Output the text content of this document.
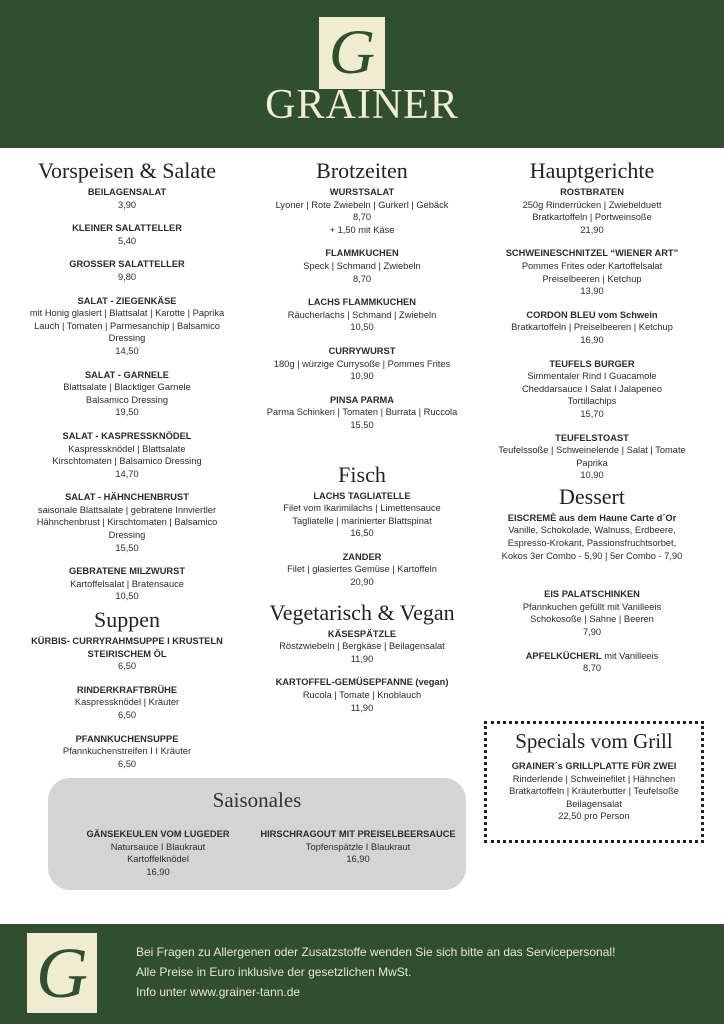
G
GRAINER
Vorspeisen & Salate
BEILAGENSALAT
3,90
KLEINER SALATTELLER
5,40
GROSSER SALATTELLER
9,80
SALAT - ZIEGENKÄSE
mit Honig glasiert | Blattsalat | Karotte | Paprika
Lauch | Tomaten | Parmesanchip | Balsamico
Dressing
14,50
SALAT - GARNELE
Blattsalate | Blacktiger Garnele
Balsamico Dressing
19,50
SALAT - KASPRESSKNÖDEL
Kaspressknödel | Blattsalate
Kirschtomaten | Balsamico Dressing
14,70
SALAT - HÄHNCHENBRUST
saisonale Blattsalate | gebratene Innviertler
Hähnchenbrust | Kirschtomaten | Balsamico
Dressing
15,50
GEBRATENE MILZWURST
Kartoffelsalat | Bratensauce
10,50
Suppen
KÜRBIS- CURRYRAHMSUPPE I KRUSTELN
STEIRISCHEM ÖL
6,50
RINDERKRAFTBRÜHE
Kaspressknödel | Kräuter
6,50
PFANNKUCHENSUPPE
Pfannkuchenstreifen I I Kräuter
6,50
Brotzeiten
WURSTSALAT
Lyoner | Rote Zwiebeln | Gurkerl | Gebäck
8,70
+ 1,50 mit Käse
FLAMMKUCHEN
Speck | Schmand | Zwiebeln
8,70
LACHS FLAMMKUCHEN
Räucherlachs | Schmand | Zwiebeln
10,50
CURRYWURST
180g | würzige Currysoße | Pommes Frites
10,90
PINSA PARMA
Parma Schinken | Tomaten | Burrata | Ruccola
15,50
Fisch
LACHS TAGLIATELLE
Filet vom Ikarimilachs | Limettensauce
Tagliatelle | marinierter Blattspinat
16,50
ZANDER
Filet | glasiertes Gemüse | Kartoffeln
20,90
Vegetarisch & Vegan
KÄSESPÄTZLE
Röstzwiebeln | Bergkäse | Beilagensalat
11,90
KARTOFFEL-GEMÜSEPFANNE (vegan)
Rucola | Tomate | Knoblauch
11,90
Hauptgerichte
ROSTBRATEN
250g Rinderrücken | Zwiebelduett
Bratkartoffeln | Portweinsoße
21,90
SCHWEINESCHNITZEL “WIENER ART”
Pommes Frites oder Kartoffelsalat
Preiselbeeren | Ketchup
13,90
CORDON BLEU vom Schwein
Bratkartoffeln | Preiselbeeren | Ketchup
16,90
TEUFELS BURGER
Simmentaler Rind I Guacamole
Cheddarsauce I Salat I Jalapeneo
Tortillachips
15,70
TEUFELSTOAST
Teufelssoße | Schweinelende | Salat | Tomate
Paprika
10,90
Dessert
EISCREMÈ aus dem Haune Carte d´Or
Vanille, Schokolade, Walnuss, Erdbeere,
Espresso-Krokant, Passionsfruchtsorbet,
Kokos 3er Combo - 5,90 | 5er Combo - 7,90
EIS PALATSCHINKEN
Pfannkuchen gefüllt mit Vanilleeis
Schokosoße | Sahne | Beeren
7,90
APFELKÜCHERL mit Vanilleeis
8,70
Specials vom Grill
GRAINER´s GRILLPLATTE FÜR ZWEI
Rinderlende | Schweinefilet | Hähnchen
Bratkartoffeln | Kräuterbutter | Teufelsoße
Beilagensalat
22,50 pro Person
Saisonales
GÄNSEKEULEN VOM LUGEDER
Natursauce I Blaukraut
Kartoffelknödel
16,90
HIRSCHRAGOUT MIT PREISELBEERSAUCE
Topfenspätzle I Blaukraut
16,90
G	Bei Fragen zu Allergenen oder Zusatzstoffe wenden Sie sich bitte an das Servicepersonal!
Alle Preise in Euro inklusive der gesetzlichen MwSt.
Info unter www.grainer-tann.de
